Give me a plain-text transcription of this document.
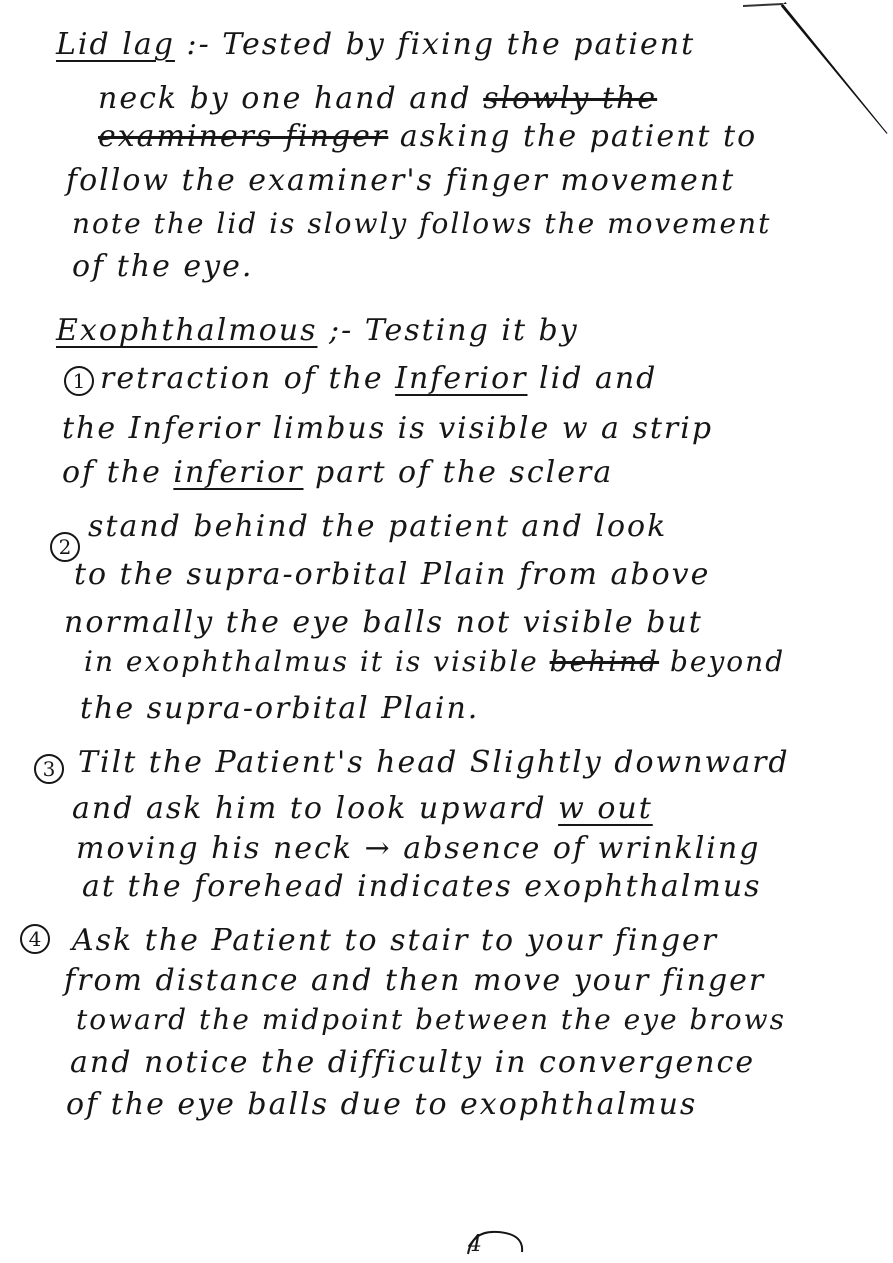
Lid lag :- Tested by fixing the patient
neck by one hand and slowly the
examiners finger asking the patient to
follow the examiner's finger movement
note the lid is slowly follows the movement
of the eye.
Exophthalmous ;- Testing it by
1 retraction of the Inferior lid and
the Inferior limbus is visible w a strip
of the inferior part of the sclera
2
stand behind the patient and look
to the supra-orbital Plain from above
normally the eye balls not visible but
in exophthalmus it is visible behind beyond
the supra-orbital Plain.
3 Tilt the Patient's head Slightly downward
and ask him to look upward w out
moving his neck → absence of wrinkling
at the forehead indicates exophthalmus
4 Ask the Patient to stair to your finger
from distance and then move your finger
toward the midpoint between the eye brows
and notice the difficulty in convergence
of the eye balls due to exophthalmus
4
